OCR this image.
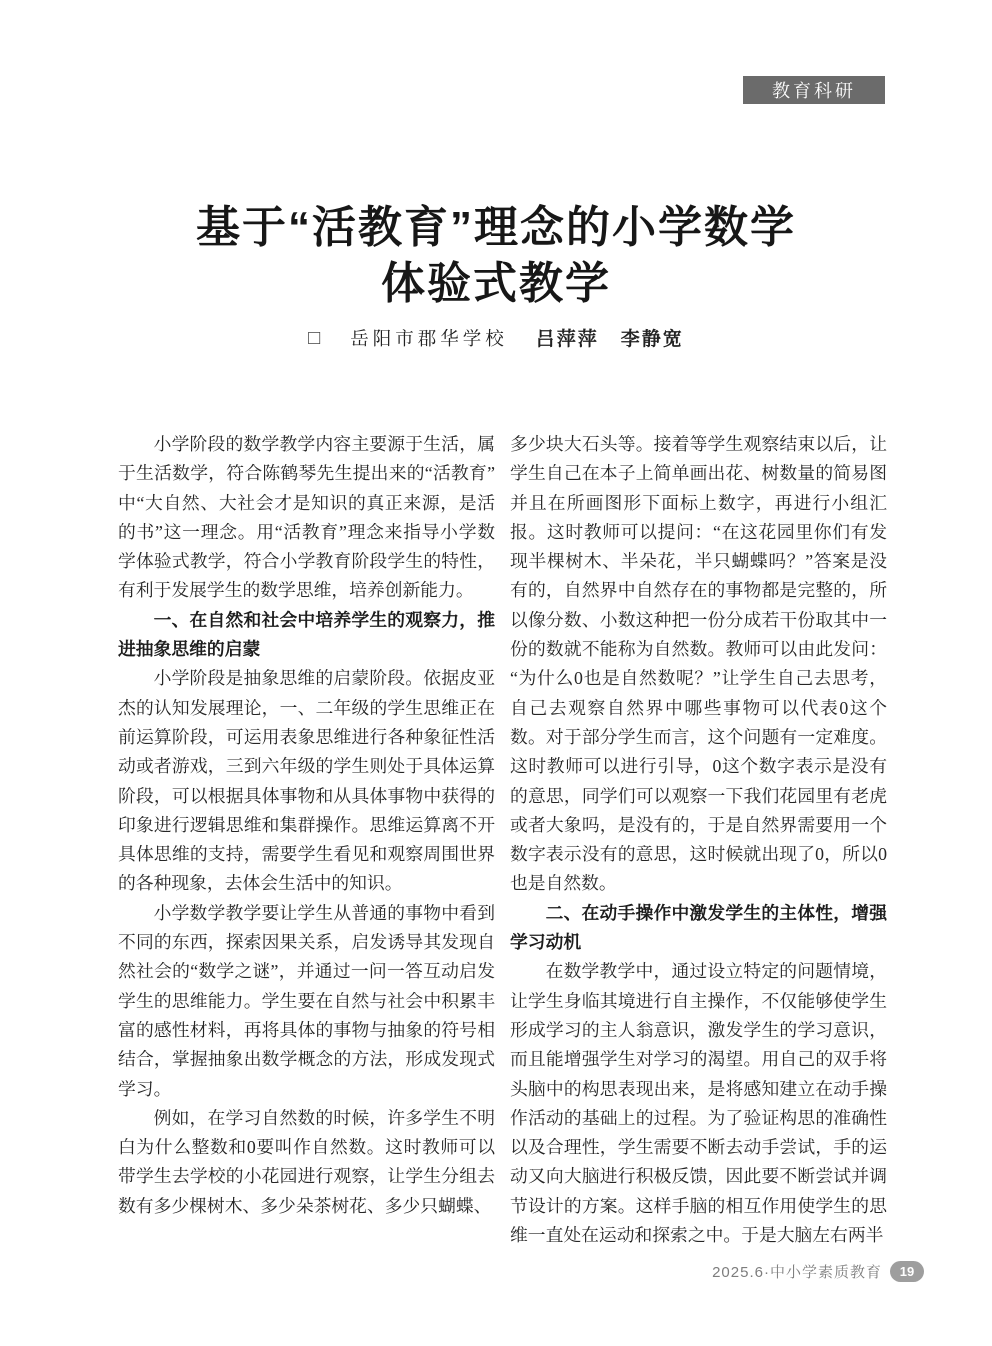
教育科研
基于“活教育”理念的小学数学
体验式教学
□ 岳阳市郡华学校 吕萍萍 李静宽

小学阶段的数学教学内容主要源于生活，属于生活数学，符合陈鹤琴先生提出来的“活教育”中“大自然、大社会才是知识的真正来源，是活的书”这一理念。用“活教育”理念来指导小学数学体验式教学，符合小学教育阶段学生的特性，有利于发展学生的数学思维，培养创新能力。

一、在自然和社会中培养学生的观察力，推进抽象思维的启蒙

小学阶段是抽象思维的启蒙阶段。依据皮亚杰的认知发展理论，一、二年级的学生思维正在前运算阶段，可运用表象思维进行各种象征性活动或者游戏，三到六年级的学生则处于具体运算阶段，可以根据具体事物和从具体事物中获得的印象进行逻辑思维和集群操作。思维运算离不开具体思维的支持，需要学生看见和观察周围世界的各种现象，去体会生活中的知识。

小学数学教学要让学生从普通的事物中看到不同的东西，探索因果关系，启发诱导其发现自然社会的“数学之谜”，并通过一问一答互动启发学生的思维能力。学生要在自然与社会中积累丰富的感性材料，再将具体的事物与抽象的符号相结合，掌握抽象出数学概念的方法，形成发现式学习。

例如，在学习自然数的时候，许多学生不明白为什么整数和0要叫作自然数。这时教师可以带学生去学校的小花园进行观察，让学生分组去数有多少棵树木、多少朵茶树花、多少只蝴蝶、

多少块大石头等。接着等学生观察结束以后，让学生自己在本子上简单画出花、树数量的简易图并且在所画图形下面标上数字，再进行小组汇报。这时教师可以提问：“在这花园里你们有发现半棵树木、半朵花，半只蝴蝶吗？”答案是没有的，自然界中自然存在的事物都是完整的，所以像分数、小数这种把一份分成若干份取其中一份的数就不能称为自然数。教师可以由此发问：“为什么0也是自然数呢？”让学生自己去思考，自己去观察自然界中哪些事物可以代表0这个数。对于部分学生而言，这个问题有一定难度。这时教师可以进行引导，0这个数字表示是没有的意思，同学们可以观察一下我们花园里有老虎或者大象吗，是没有的，于是自然界需要用一个数字表示没有的意思，这时候就出现了0，所以0也是自然数。

二、在动手操作中激发学生的主体性，增强学习动机

在数学教学中，通过设立特定的问题情境，让学生身临其境进行自主操作，不仅能够使学生形成学习的主人翁意识，激发学生的学习意识，而且能增强学生对学习的渴望。用自己的双手将头脑中的构思表现出来，是将感知建立在动手操作活动的基础上的过程。为了验证构思的准确性以及合理性，学生需要不断去动手尝试，手的运动又向大脑进行积极反馈，因此要不断尝试并调节设计的方案。这样手脑的相互作用使学生的思维一直处在运动和探索之中。于是大脑左右两半

2025.6·中小学素质教育 19
